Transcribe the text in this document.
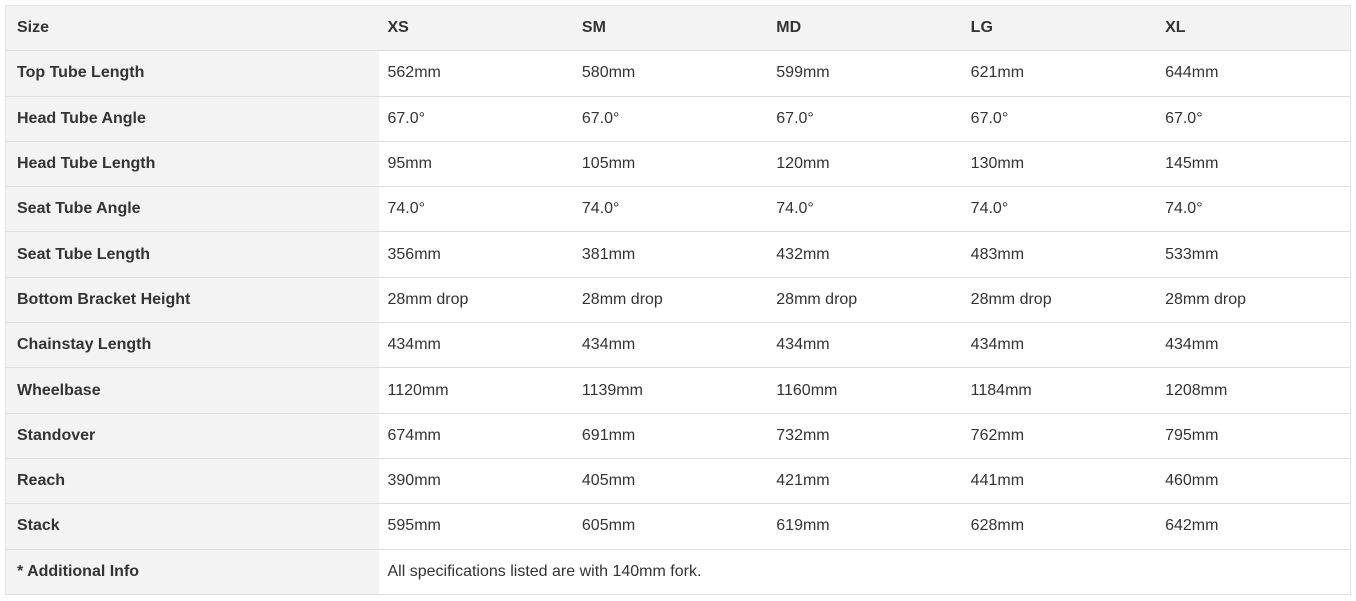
Size	XS	SM	MD	LG	XL
Top Tube Length	562mm	580mm	599mm	621mm	644mm
Head Tube Angle	67.0°	67.0°	67.0°	67.0°	67.0°
Head Tube Length	95mm	105mm	120mm	130mm	145mm
Seat Tube Angle	74.0°	74.0°	74.0°	74.0°	74.0°
Seat Tube Length	356mm	381mm	432mm	483mm	533mm
Bottom Bracket Height	28mm drop	28mm drop	28mm drop	28mm drop	28mm drop
Chainstay Length	434mm	434mm	434mm	434mm	434mm
Wheelbase	1120mm	1139mm	1160mm	1184mm	1208mm
Standover	674mm	691mm	732mm	762mm	795mm
Reach	390mm	405mm	421mm	441mm	460mm
Stack	595mm	605mm	619mm	628mm	642mm
* Additional Info	All specifications listed are with 140mm fork.				
